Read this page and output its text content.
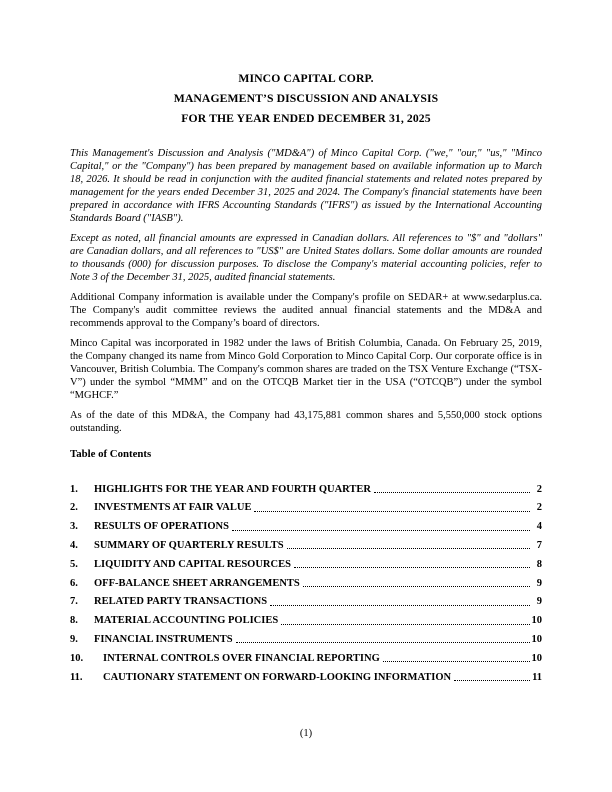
MINCO CAPITAL CORP.
MANAGEMENT’S DISCUSSION AND ANALYSIS
FOR THE YEAR ENDED DECEMBER 31, 2025

This Management's Discussion and Analysis ("MD&A") of Minco Capital Corp. ("we," "our," "us," "Minco Capital," or the "Company") has been prepared by management based on available information up to March 18, 2026. It should be read in conjunction with the audited financial statements and related notes prepared by management for the years ended December 31, 2025 and 2024. The Company's financial statements have been prepared in accordance with IFRS Accounting Standards ("IFRS") as issued by the International Accounting Standards Board ("IASB").

Except as noted, all financial amounts are expressed in Canadian dollars. All references to "$" and "dollars" are Canadian dollars, and all references to "US$" are United States dollars. Some dollar amounts are rounded to thousands (000) for discussion purposes. To disclose the Company's material accounting policies, refer to Note 3 of the December 31, 2025, audited financial statements.

Additional Company information is available under the Company's profile on SEDAR+ at www.sedarplus.ca. The Company's audit committee reviews the audited annual financial statements and the MD&A and recommends approval to the Company’s board of directors.

Minco Capital was incorporated in 1982 under the laws of British Columbia, Canada. On February 25, 2019, the Company changed its name from Minco Gold Corporation to Minco Capital Corp. Our corporate office is in Vancouver, British Columbia. The Company's common shares are traded on the TSX Venture Exchange (“TSX-V”) under the symbol “MMM” and on the OTCQB Market tier in the USA (“OTCQB”) under the symbol “MGHCF.”

As of the date of this MD&A, the Company had 43,175,881 common shares and 5,550,000 stock options outstanding.

Table of Contents
1.	HIGHLIGHTS FOR THE YEAR AND FOURTH QUARTER	2
2.	INVESTMENTS AT FAIR VALUE	2
3.	RESULTS OF OPERATIONS	4
4.	SUMMARY OF QUARTERLY RESULTS	7
5.	LIQUIDITY AND CAPITAL RESOURCES	8
6.	OFF-BALANCE SHEET ARRANGEMENTS	9
7.	RELATED PARTY TRANSACTIONS	9
8.	MATERIAL ACCOUNTING POLICIES	10
9.	FINANCIAL INSTRUMENTS	10
10.	INTERNAL CONTROLS OVER FINANCIAL REPORTING	10
11.	CAUTIONARY STATEMENT ON FORWARD-LOOKING INFORMATION	11
(1)
